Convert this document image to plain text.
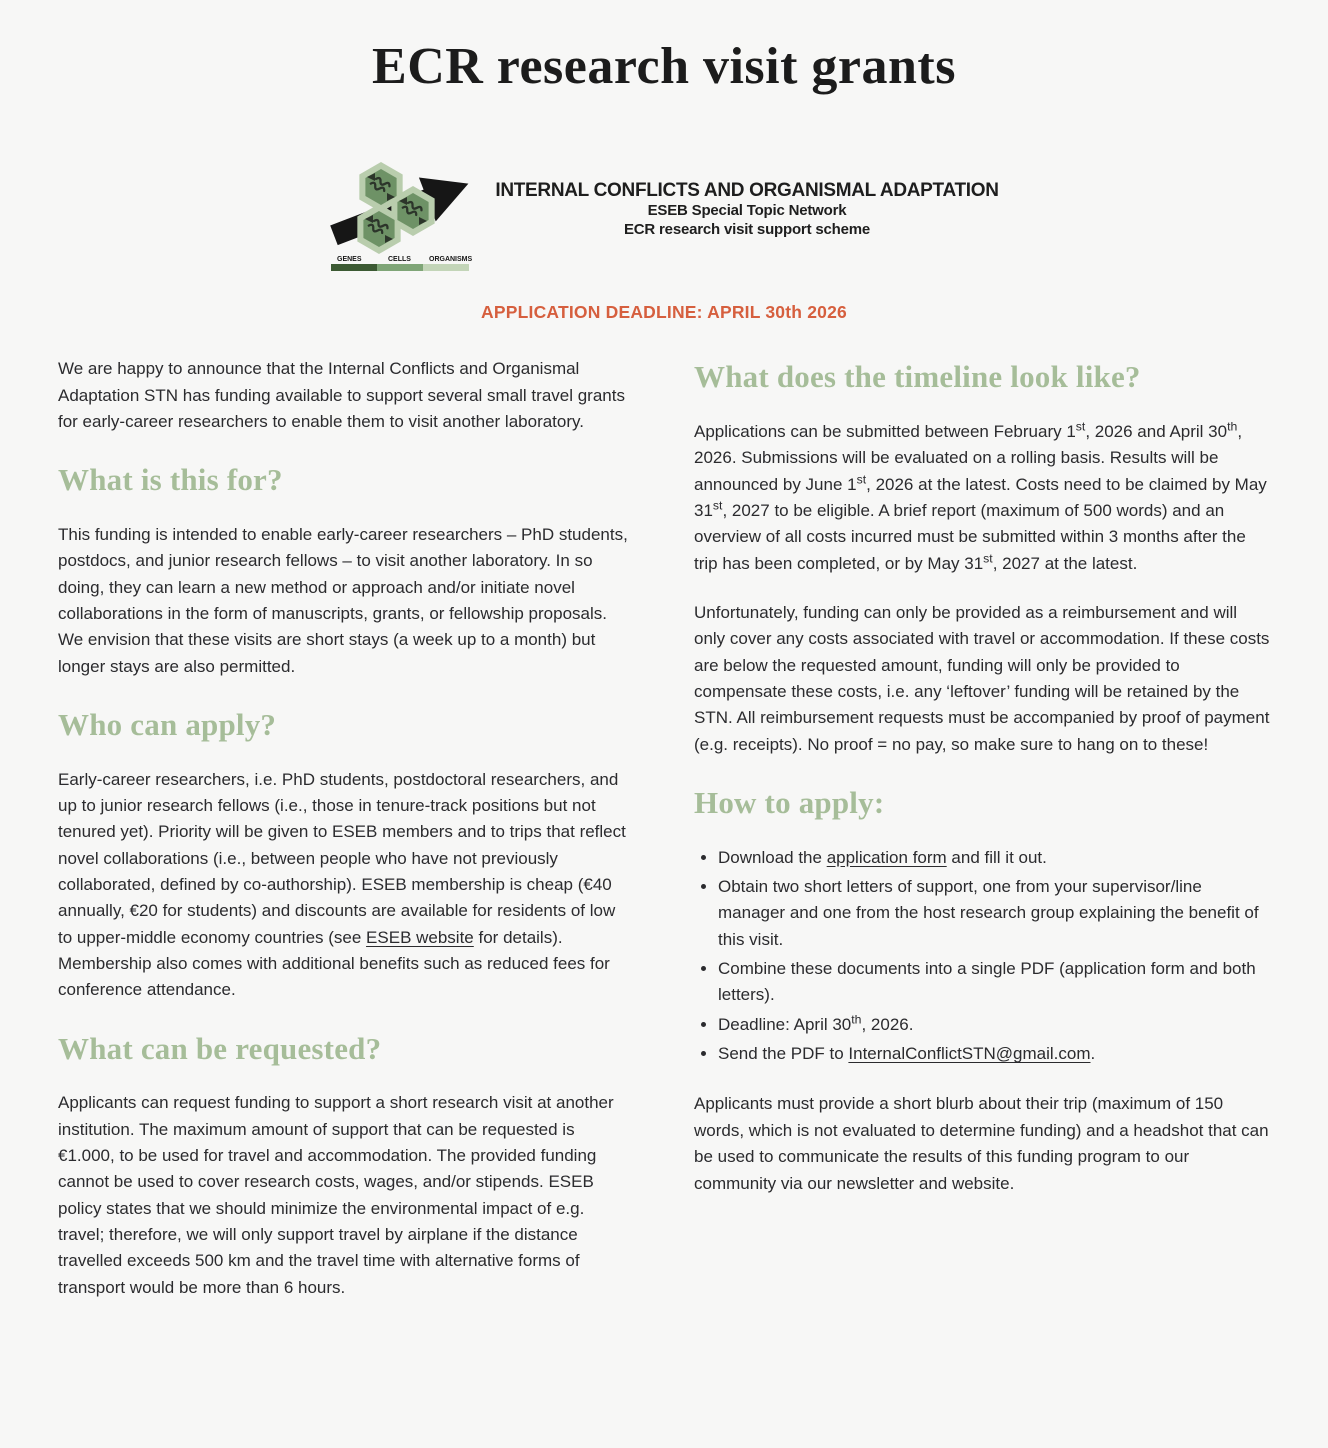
ECR research visit grants
GENES	CELLS	ORGANISMS
INTERNAL CONFLICTS AND ORGANISMAL ADAPTATION
ESEB Special Topic Network
ECR research visit support scheme
APPLICATION DEADLINE: APRIL 30th 2026

We are happy to announce that the Internal Conflicts and Organismal Adaptation STN has funding available to support several small travel grants for early-career researchers to enable them to visit another laboratory.

What is this for?

This funding is intended to enable early-career researchers – PhD students, postdocs, and junior research fellows – to visit another laboratory. In so doing, they can learn a new method or approach and/or initiate novel collaborations in the form of manuscripts, grants, or fellowship proposals. We envision that these visits are short stays (a week up to a month) but longer stays are also permitted.

Who can apply?

Early-career researchers, i.e. PhD students, postdoctoral researchers, and up to junior research fellows (i.e., those in tenure-track positions but not tenured yet). Priority will be given to ESEB members and to trips that reflect novel collaborations (i.e., between people who have not previously collaborated, defined by co-authorship). ESEB membership is cheap (€40 annually, €20 for students) and discounts are available for residents of low to upper-middle economy countries (see ESEB website for details). Membership also comes with additional benefits such as reduced fees for conference attendance.

What can be requested?

Applicants can request funding to support a short research visit at another institution. The maximum amount of support that can be requested is €1.000, to be used for travel and accommodation. The provided funding cannot be used to cover research costs, wages, and/or stipends. ESEB policy states that we should minimize the environmental impact of e.g. travel; therefore, we will only support travel by airplane if the distance travelled exceeds 500 km and the travel time with alternative forms of transport would be more than 6 hours.

What does the timeline look like?

Applications can be submitted between February 1st, 2026 and April 30th, 2026. Submissions will be evaluated on a rolling basis. Results will be announced by June 1st, 2026 at the latest. Costs need to be claimed by May 31st, 2027 to be eligible. A brief report (maximum of 500 words) and an overview of all costs incurred must be submitted within 3 months after the trip has been completed, or by May 31st, 2027 at the latest.

Unfortunately, funding can only be provided as a reimbursement and will only cover any costs associated with travel or accommodation. If these costs are below the requested amount, funding will only be provided to compensate these costs, i.e. any ‘leftover’ funding will be retained by the STN. All reimbursement requests must be accompanied by proof of payment (e.g. receipts). No proof = no pay, so make sure to hang on to these!

How to apply:
• Download the application form and fill it out.
• Obtain two short letters of support, one from your supervisor/line manager and one from the host research group explaining the benefit of this visit.
• Combine these documents into a single PDF (application form and both letters).
• Deadline: April 30th, 2026.
• Send the PDF to InternalConflictSTN@gmail.com.

Applicants must provide a short blurb about their trip (maximum of 150 words, which is not evaluated to determine funding) and a headshot that can be used to communicate the results of this funding program to our community via our newsletter and website.
